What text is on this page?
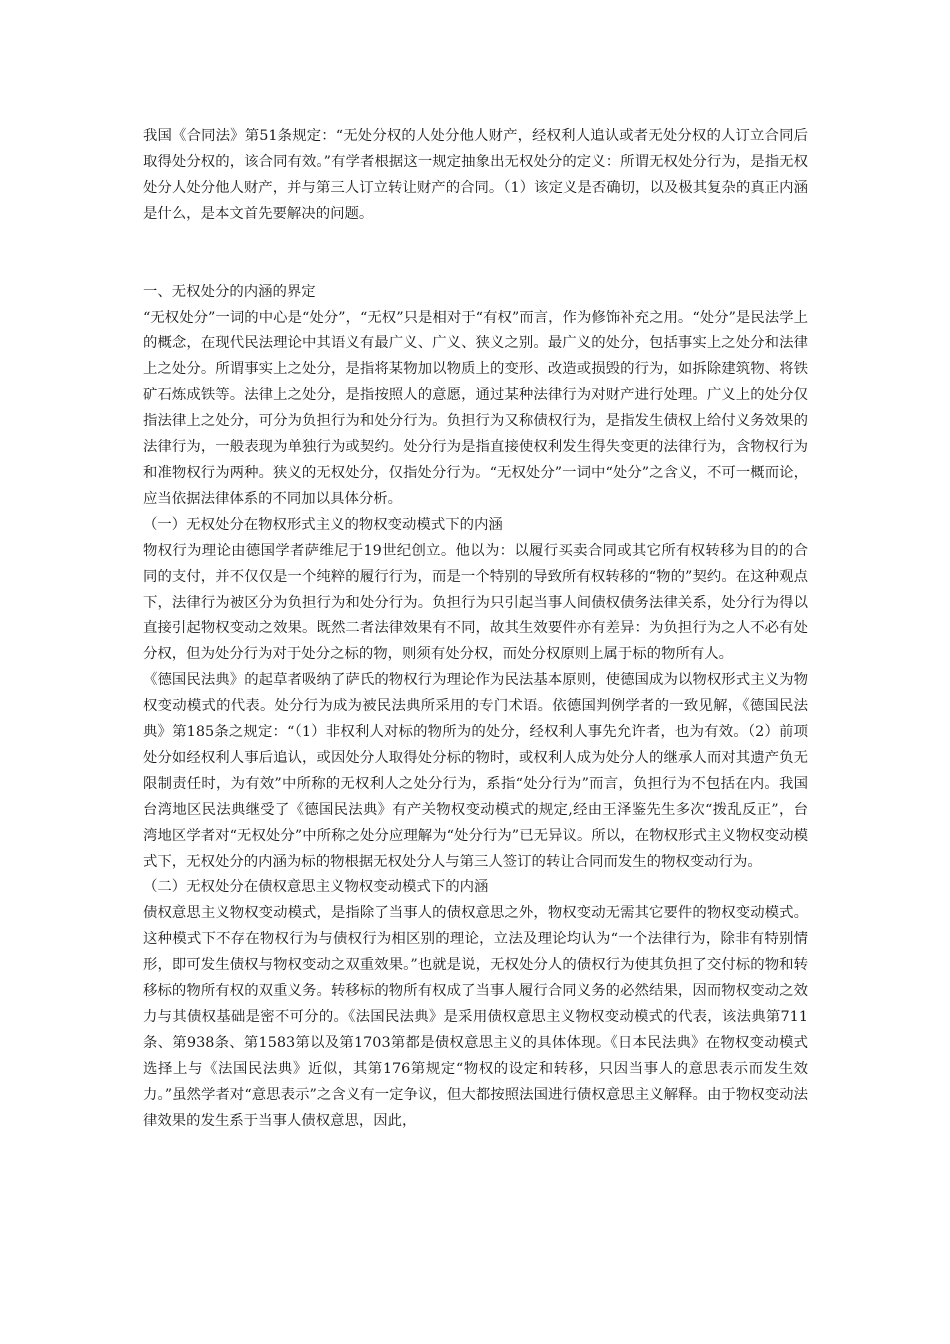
我国《合同法》第51条规定：“无处分权的人处分他人财产，经权利人追认或者无处分权的人订立合同后取得处分权的，该合同有效。”有学者根据这一规定抽象出无权处分的定义：所谓无权处分行为，是指无权处分人处分他人财产，并与第三人订立转让财产的合同。（1）该定义是否确切，以及极其复杂的真正内涵是什么，是本文首先要解决的问题。

一、无权处分的内涵的界定

“无权处分”一词的中心是“处分”，“无权”只是相对于“有权”而言，作为修饰补充之用。“处分”是民法学上的概念，在现代民法理论中其语义有最广义、广义、狭义之别。最广义的处分，包括事实上之处分和法律上之处分。所谓事实上之处分，是指将某物加以物质上的变形、改造或损毁的行为，如拆除建筑物、将铁矿石炼成铁等。法律上之处分，是指按照人的意愿，通过某种法律行为对财产进行处理。广义上的处分仅指法律上之处分，可分为负担行为和处分行为。负担行为又称债权行为，是指发生债权上给付义务效果的法律行为，一般表现为单独行为或契约。处分行为是指直接使权利发生得失变更的法律行为，含物权行为和准物权行为两种。狭义的无权处分，仅指处分行为。“无权处分”一词中“处分”之含义，不可一概而论，应当依据法律体系的不同加以具体分析。

（一）无权处分在物权形式主义的物权变动模式下的内涵

物权行为理论由德国学者萨维尼于19世纪创立。他以为：以履行买卖合同或其它所有权转移为目的的合同的支付，并不仅仅是一个纯粹的履行行为，而是一个特别的导致所有权转移的“物的”契约。在这种观点下，法律行为被区分为负担行为和处分行为。负担行为只引起当事人间债权债务法律关系，处分行为得以直接引起物权变动之效果。既然二者法律效果有不同，故其生效要件亦有差异：为负担行为之人不必有处分权，但为处分行为对于处分之标的物，则须有处分权，而处分权原则上属于标的物所有人。

《德国民法典》的起草者吸纳了萨氏的物权行为理论作为民法基本原则，使德国成为以物权形式主义为物权变动模式的代表。处分行为成为被民法典所采用的专门术语。依德国判例学者的一致见解，《德国民法典》第185条之规定：“（1）非权利人对标的物所为的处分，经权利人事先允许者，也为有效。（2）前项处分如经权利人事后追认，或因处分人取得处分标的物时，或权利人成为处分人的继承人而对其遗产负无限制责任时，为有效”中所称的无权利人之处分行为，系指“处分行为”而言，负担行为不包括在内。我国台湾地区民法典继受了《德国民法典》有产关物权变动模式的规定,经由王泽鉴先生多次“拨乱反正”，台湾地区学者对“无权处分”中所称之处分应理解为“处分行为”已无异议。所以，在物权形式主义物权变动模式下，无权处分的内涵为标的物根据无权处分人与第三人签订的转让合同而发生的物权变动行为。

（二）无权处分在债权意思主义物权变动模式下的内涵

债权意思主义物权变动模式，是指除了当事人的债权意思之外，物权变动无需其它要件的物权变动模式。这种模式下不存在物权行为与债权行为相区别的理论，立法及理论均认为“一个法律行为，除非有特别情形，即可发生债权与物权变动之双重效果。”也就是说，无权处分人的债权行为使其负担了交付标的物和转移标的物所有权的双重义务。转移标的物所有权成了当事人履行合同义务的必然结果，因而物权变动之效力与其债权基础是密不可分的。《法国民法典》是采用债权意思主义物权变动模式的代表，该法典第711条、第938条、第1583第以及第1703第都是债权意思主义的具体体现。《日本民法典》在物权变动模式选择上与《法国民法典》近似，其第176第规定“物权的设定和转移，只因当事人的意思表示而发生效力。”虽然学者对“意思表示”之含义有一定争议，但大都按照法国进行债权意思主义解释。由于物权变动法律效果的发生系于当事人债权意思，因此，
